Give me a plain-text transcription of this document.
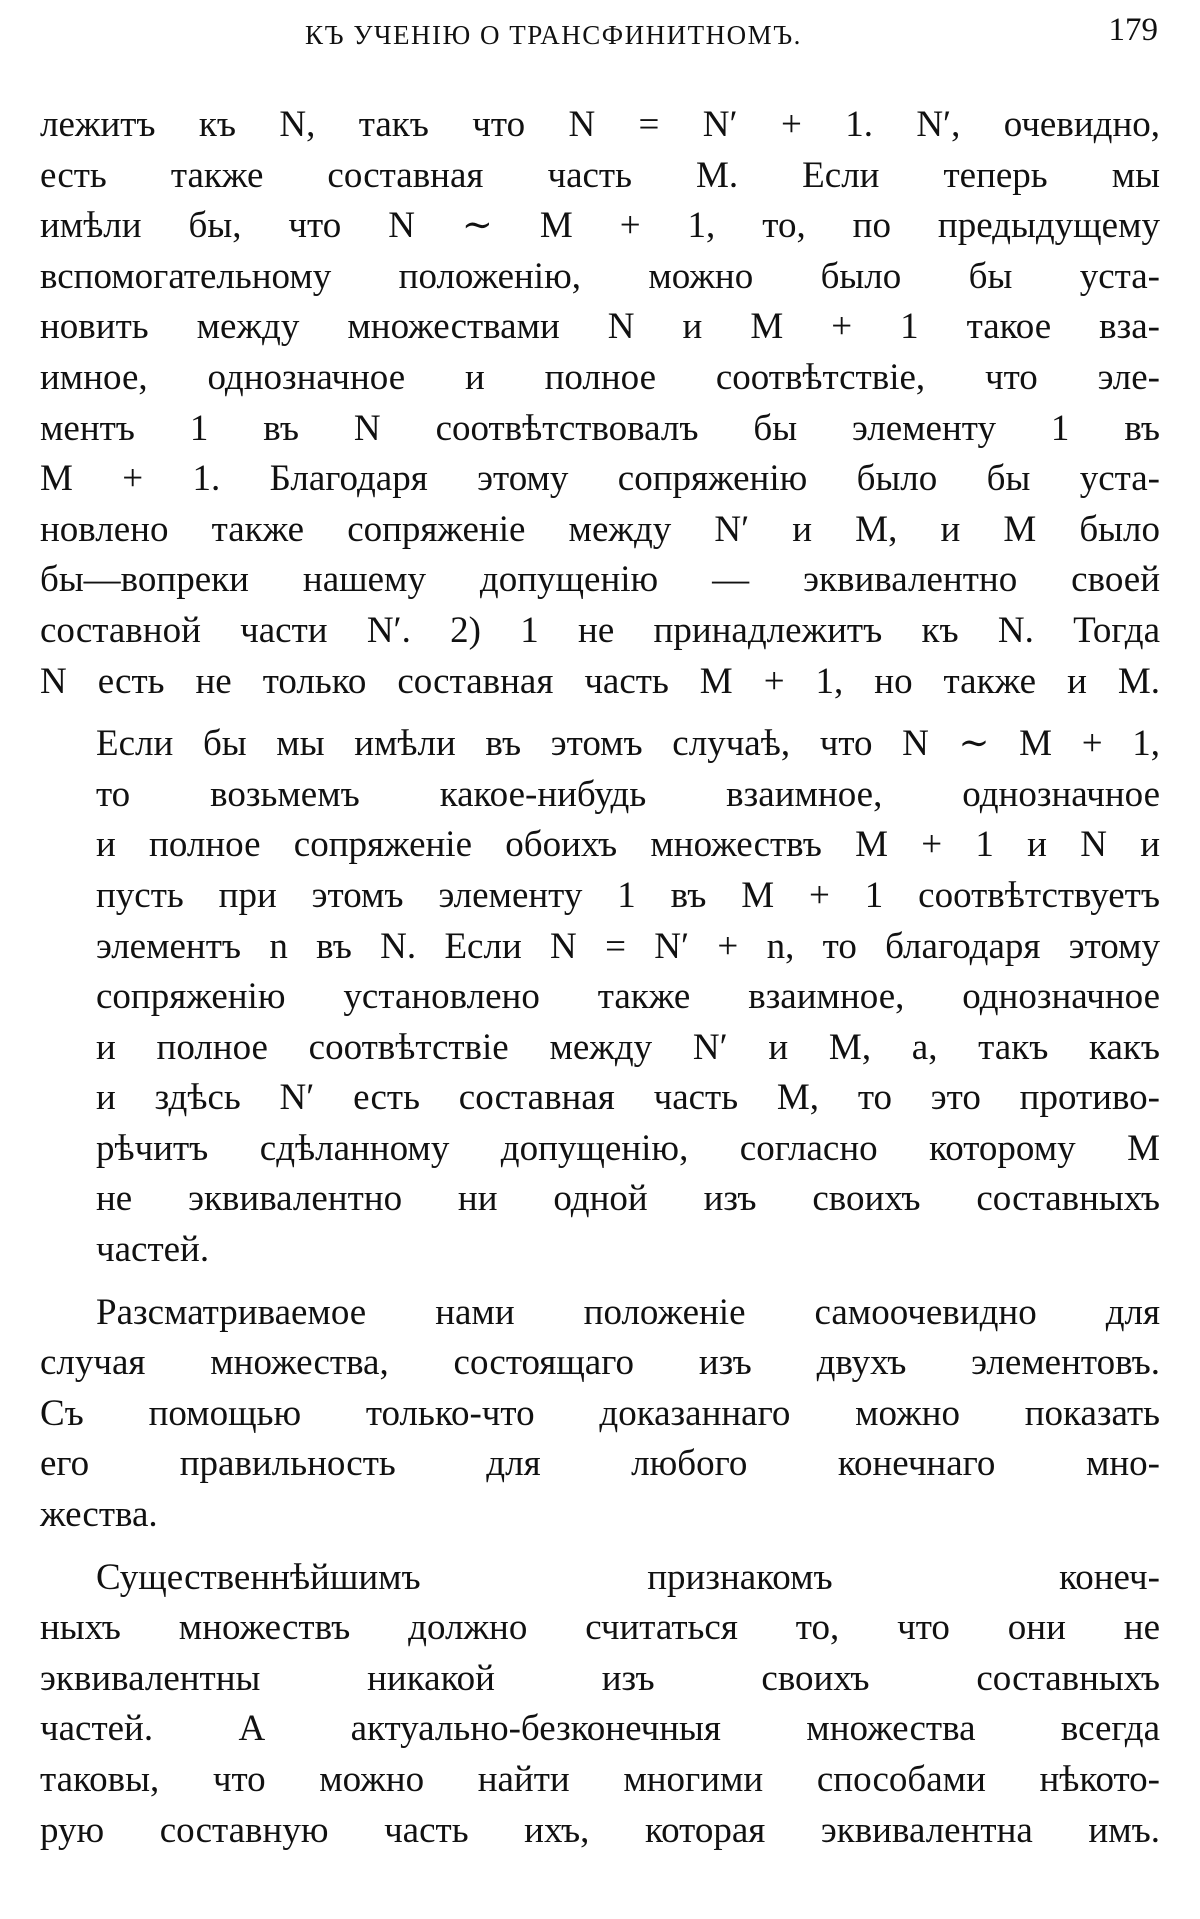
КЪ УЧЕНІЮ О ТРАНСФИНИТНОМЪ.	179
лежитъ къ N, такъ что N = N′ + 1. N′, очевидно,
есть также составная часть M. Если теперь мы
имѣли бы, что N ∼ M + 1, то, по предыдущему
вспомогательному положенію, можно было бы уста-
новить между множествами N и M + 1 такое вза-
имное, однозначное и полное соотвѣтствіе, что эле-
ментъ 1 въ N соотвѣтствовалъ бы элементу 1 въ
M + 1. Благодаря этому сопряженію было бы уста-
новлено также сопряженіе между N′ и M, и M было
бы—вопреки нашему допущенію — эквивалентно своей
составной части N′. 2) 1 не принадлежитъ къ N. Тогда
N есть не только составная часть M + 1, но также и M.
Если бы мы имѣли въ этомъ случаѣ, что N ∼ M + 1,
то возьмемъ какое-нибудь взаимное, однозначное
и полное сопряженіе обоихъ множествъ M + 1 и N и
пусть при этомъ элементу 1 въ M + 1 соотвѣтствуетъ
элементъ n въ N. Если N = N′ + n, то благодаря этому
сопряженію установлено также взаимное, однозначное
и полное соотвѣтствіе между N′ и M, а, такъ какъ
и здѣсь N′ есть составная часть M, то это противо-
рѣчитъ сдѣланному допущенію, согласно которому M
не эквивалентно ни одной изъ своихъ составныхъ
частей.
Разсматриваемое нами положеніе самоочевидно для
случая множества, состоящаго изъ двухъ элементовъ.
Съ помощью только-что доказаннаго можно показать
его правильность для любого конечнаго мно-
жества.
Существеннѣйшимъ признакомъ конеч-
ныхъ множествъ должно считаться то, что они не
эквивалентны никакой изъ своихъ составныхъ
частей. А актуально-безконечныя множества всегда
таковы, что можно найти многими способами нѣкото-
рую составную часть ихъ, которая эквивалентна имъ.
